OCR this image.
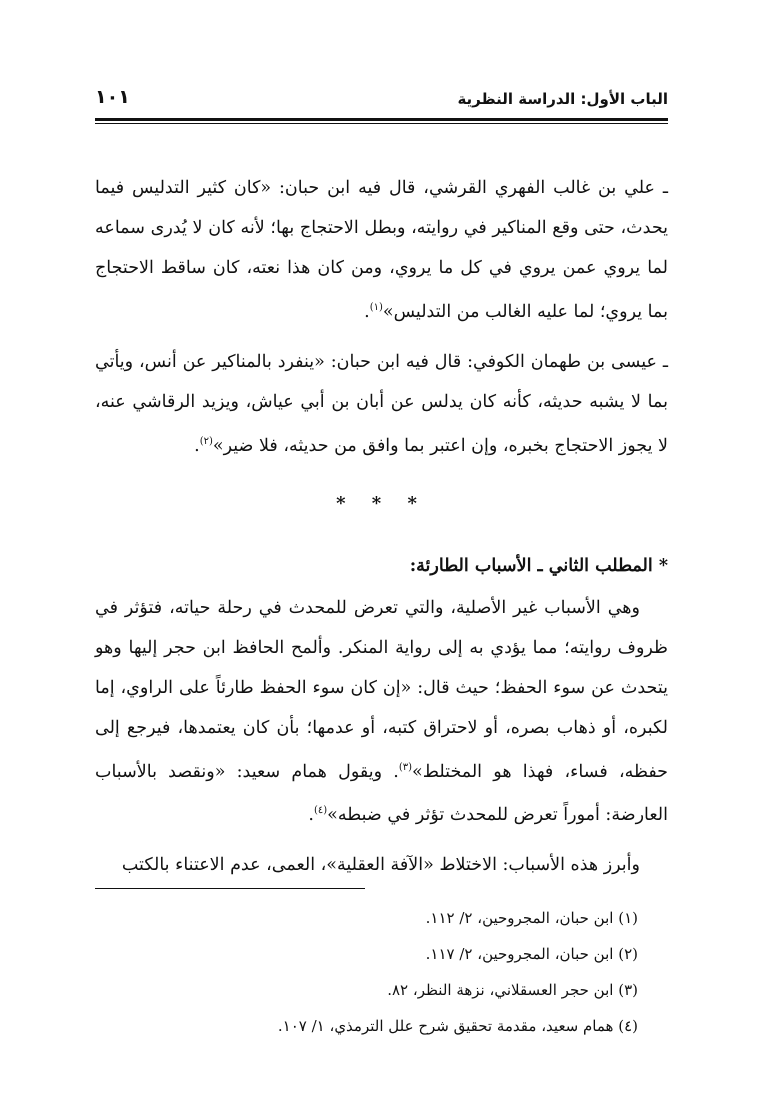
الباب الأول: الدراسة النظرية
١٠١

ـ علي بن غالب الفهري القرشي، قال فيه ابن حبان: «كان كثير التدليس فيما يحدث، حتى وقع المناكير في روايته، وبطل الاحتجاج بها؛ لأنه كان لا يُدرى سماعه لما يروي عمن يروي في كل ما يروي، ومن كان هذا نعته، كان ساقط الاحتجاج بما يروي؛ لما عليه الغالب من التدليس»$^{(١)}$.

ـ عيسى بن طهمان الكوفي: قال فيه ابن حبان: «ينفرد بالمناكير عن أنس، ويأتي بما لا يشبه حديثه، كأنه كان يدلس عن أبان بن أبي عياش، ويزيد الرقاشي عنه، لا يجوز الاحتجاج بخبره، وإن اعتبر بما وافق من حديثه، فلا ضير»$^{(٢)}$.

* * *

* المطلب الثاني ـ الأسباب الطارئة:

وهي الأسباب غير الأصلية، والتي تعرض للمحدث في رحلة حياته، فتؤثر في ظروف روايته؛ مما يؤدي به إلى رواية المنكر. وألمح الحافظ ابن حجر إليها وهو يتحدث عن سوء الحفظ؛ حيث قال: «إن كان سوء الحفظ طارئاً على الراوي، إما لكبره، أو ذهاب بصره، أو لاحتراق كتبه، أو عدمها؛ بأن كان يعتمدها، فيرجع إلى حفظه، فساء، فهذا هو المختلط»$^{(٣)}$. ويقول همام سعيد: «ونقصد بالأسباب العارضة: أموراً تعرض للمحدث تؤثر في ضبطه»$^{(٤)}$.

وأبرز هذه الأسباب: الاختلاط «الآفة العقلية»، العمى، عدم الاعتناء بالكتب

(١) ابن حبان، المجروحين، ٢/ ١١٢.
(٢) ابن حبان، المجروحين، ٢/ ١١٧.
(٣) ابن حجر العسقلاني، نزهة النظر، ٨٢.
(٤) همام سعيد، مقدمة تحقيق شرح علل الترمذي، ١/ ١٠٧.
